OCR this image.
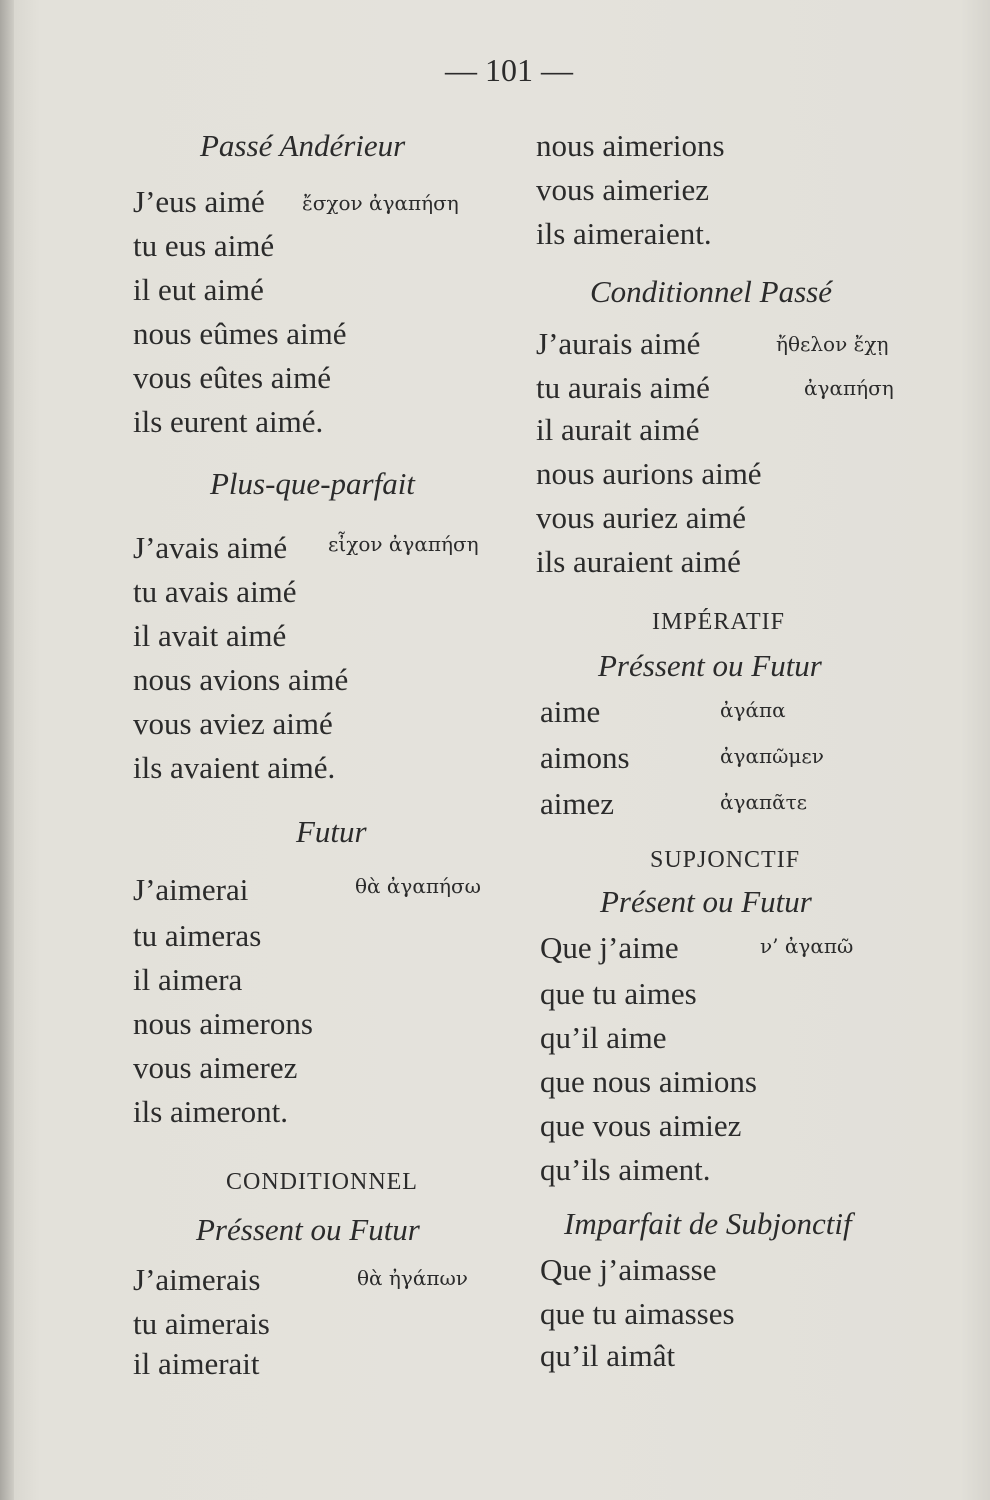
— 101 —
Passé Andérieur
J’eus aimé ἔσχον ἀγαπήση
tu eus aimé
il eut aimé
nous eûmes aimé
vous eûtes aimé
ils eurent aimé.
Plus-que-parfait
J’avais aimé εἶχον ἀγαπήση
tu avais aimé
il avait aimé
nous avions aimé
vous aviez aimé
ils avaient aimé.
Futur
J’aimerai	θὰ ἀγαπήσω
tu aimeras
il aimera
nous aimerons
vous aimerez
ils aimeront.
CONDITIONNEL
Préssent ou Futur
J’aimerais	θὰ ἠγάπων
tu aimerais
il aimerait
nous aimerions
vous aimeriez
ils aimeraient.
Conditionnel Passé
J’aurais aimé	ἤθελον ἔχῃ
tu aurais aimé	ἀγαπήση
il aurait aimé
nous aurions aimé
vous auriez aimé
ils auraient aimé
IMPÉRATIF
Préssent ou Futur
aime	ἀγάπα
aimons	ἀγαπῶμεν
aimez	ἀγαπᾶτε
SUPJONCTIF
Présent ou Futur
Que j’aime	ν’ ἀγαπῶ
que tu aimes
qu’il aime
que nous aimions
que vous aimiez
qu’ils aiment.
Imparfait de Subjonctif
Que j’aimasse
que tu aimasses
qu’il aimât
